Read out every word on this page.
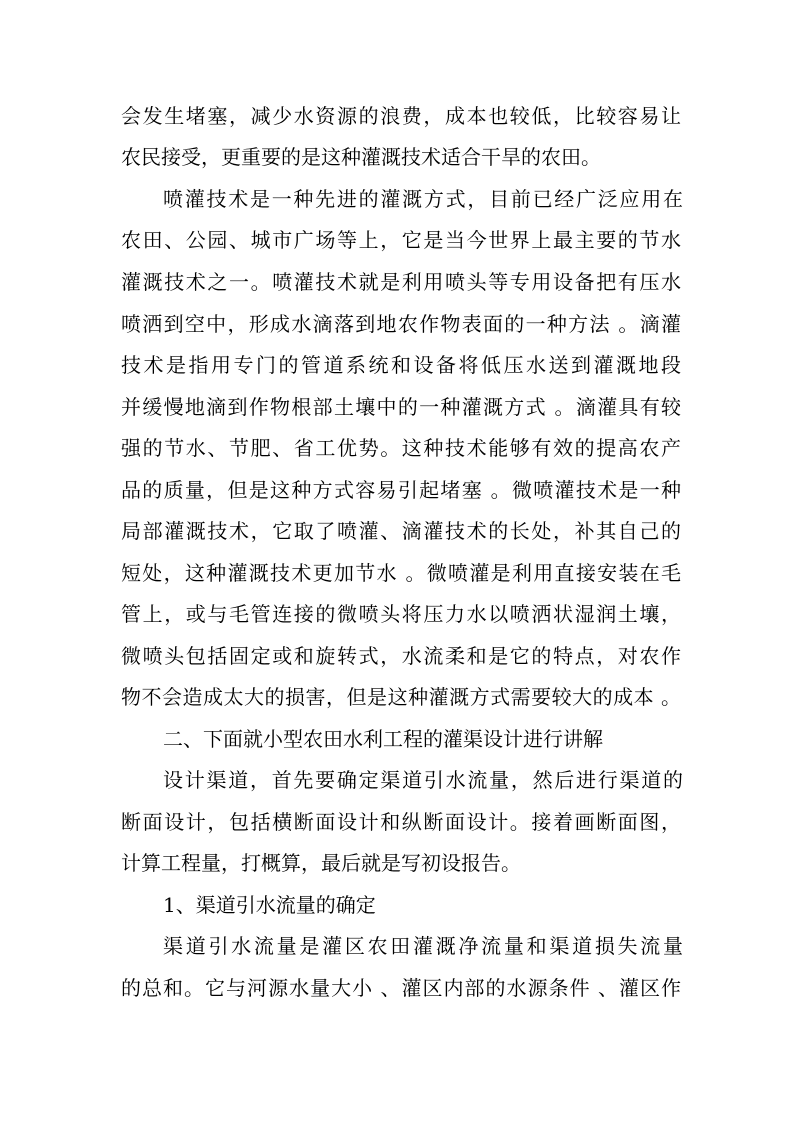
会发生堵塞，减少水资源的浪费，成本也较低，比较容易让
农民接受，更重要的是这种灌溉技术适合干旱的农田。
喷灌技术是一种先进的灌溉方式，目前已经广泛应用在
农田、公园、城市广场等上，它是当今世界上最主要的节水
灌溉技术之一。喷灌技术就是利用喷头等专用设备把有压水
喷洒到空中，形成水滴落到地农作物表面的一种方法 。滴灌
技术是指用专门的管道系统和设备将低压水送到灌溉地段
并缓慢地滴到作物根部土壤中的一种灌溉方式 。滴灌具有较
强的节水、节肥、省工优势。这种技术能够有效的提高农产
品的质量，但是这种方式容易引起堵塞 。微喷灌技术是一种
局部灌溉技术，它取了喷灌、滴灌技术的长处，补其自己的
短处，这种灌溉技术更加节水 。微喷灌是利用直接安装在毛
管上，或与毛管连接的微喷头将压力水以喷洒状湿润土壤，
微喷头包括固定或和旋转式，水流柔和是它的特点，对农作
物不会造成太大的损害，但是这种灌溉方式需要较大的成本 。
二、下面就小型农田水利工程的灌渠设计进行讲解
设计渠道，首先要确定渠道引水流量，然后进行渠道的
断面设计，包括横断面设计和纵断面设计。接着画断面图，
计算工程量，打概算，最后就是写初设报告。
1、渠道引水流量的确定
渠道引水流量是灌区农田灌溉净流量和渠道损失流量
的总和。它与河源水量大小 、灌区内部的水源条件 、灌区作
